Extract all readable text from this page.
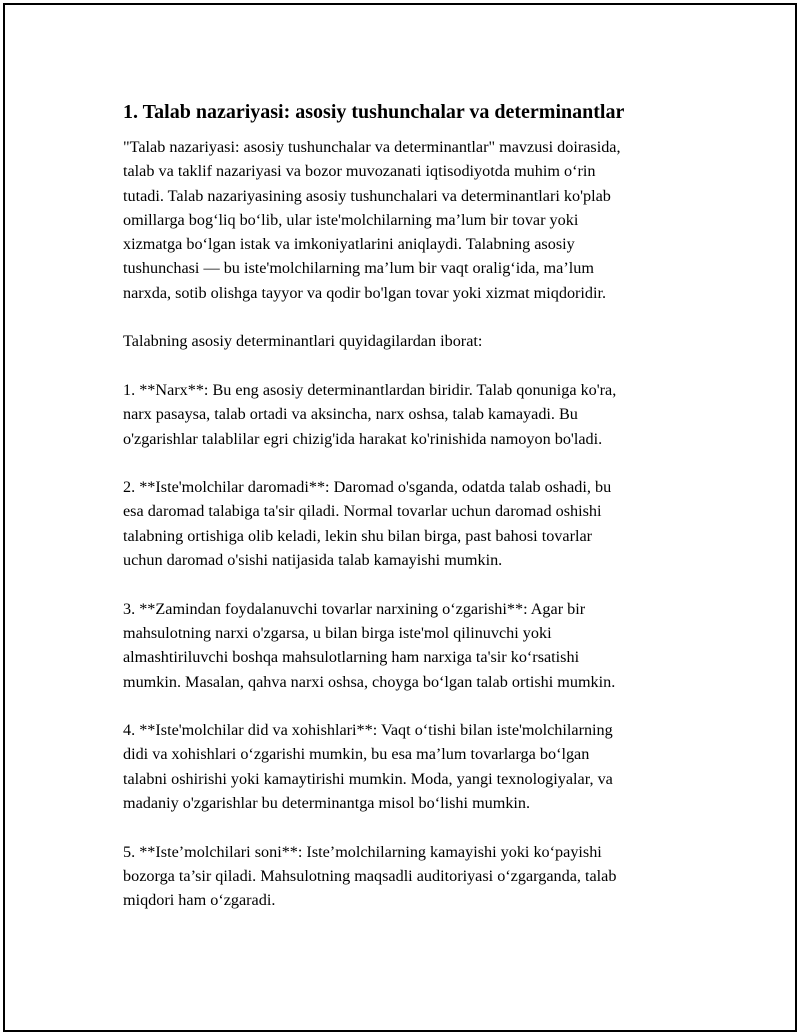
1. Talab nazariyasi: asosiy tushunchalar va determinantlar

"Talab nazariyasi: asosiy tushunchalar va determinantlar" mavzusi doirasida,
talab va taklif nazariyasi va bozor muvozanati iqtisodiyotda muhim o‘rin
tutadi. Talab nazariyasining asosiy tushunchalari va determinantlari ko'plab
omillarga bog‘liq bo‘lib, ular iste'molchilarning ma’lum bir tovar yoki
xizmatga bo‘lgan istak va imkoniyatlarini aniqlaydi. Talabning asosiy
tushunchasi — bu iste'molchilarning ma’lum bir vaqt oralig‘ida, ma’lum
narxda, sotib olishga tayyor va qodir bo'lgan tovar yoki xizmat miqdoridir.

Talabning asosiy determinantlari quyidagilardan iborat:

1. **Narx**: Bu eng asosiy determinantlardan biridir. Talab qonuniga ko'ra,
narx pasaysa, talab ortadi va aksincha, narx oshsa, talab kamayadi. Bu
o'zgarishlar talablilar egri chizig'ida harakat ko'rinishida namoyon bo'ladi.

2. **Iste'molchilar daromadi**: Daromad o'sganda, odatda talab oshadi, bu
esa daromad talabiga ta'sir qiladi. Normal tovarlar uchun daromad oshishi
talabning ortishiga olib keladi, lekin shu bilan birga, past bahosi tovarlar
uchun daromad o'sishi natijasida talab kamayishi mumkin.

3. **Zamindan foydalanuvchi tovarlar narxining o‘zgarishi**: Agar bir
mahsulotning narxi o'zgarsa, u bilan birga iste'mol qilinuvchi yoki
almashtiriluvchi boshqa mahsulotlarning ham narxiga ta'sir ko‘rsatishi
mumkin. Masalan, qahva narxi oshsa, choyga bo‘lgan talab ortishi mumkin.

4. **Iste'molchilar did va xohishlari**: Vaqt o‘tishi bilan iste'molchilarning
didi va xohishlari o‘zgarishi mumkin, bu esa ma’lum tovarlarga bo‘lgan
talabni oshirishi yoki kamaytirishi mumkin. Moda, yangi texnologiyalar, va
madaniy o'zgarishlar bu determinantga misol bo‘lishi mumkin.

5. **Iste’molchilari soni**: Iste’molchilarning kamayishi yoki ko‘payishi
bozorga ta’sir qiladi. Mahsulotning maqsadli auditoriyasi o‘zgarganda, talab
miqdori ham o‘zgaradi.
